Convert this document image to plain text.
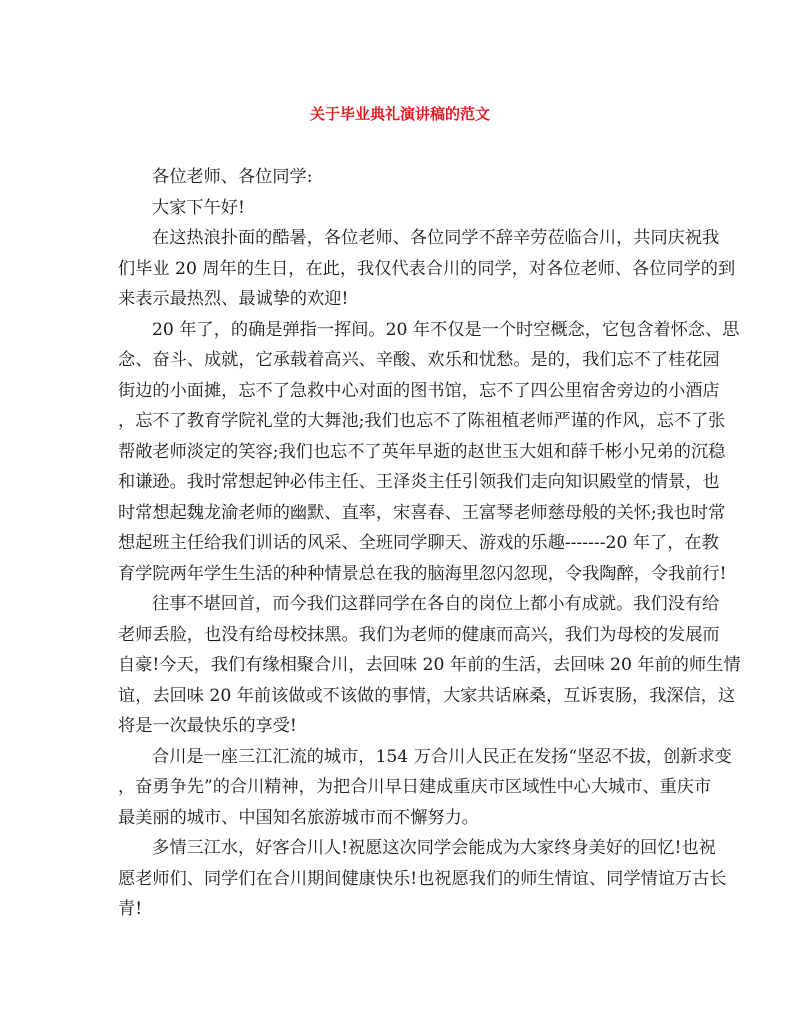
关于毕业典礼演讲稿的范文
各位老师、各位同学:
大家下午好!
在这热浪扑面的酷暑，各位老师、各位同学不辞辛劳莅临合川，共同庆祝我
们毕业 20 周年的生日，在此，我仅代表合川的同学，对各位老师、各位同学的到
来表示最热烈、最诚挚的欢迎!
20 年了，的确是弹指一挥间。20 年不仅是一个时空概念，它包含着怀念、思
念、奋斗、成就，它承载着高兴、辛酸、欢乐和忧愁。是的，我们忘不了桂花园
街边的小面摊，忘不了急救中心对面的图书馆，忘不了四公里宿舍旁边的小酒店
，忘不了教育学院礼堂的大舞池;我们也忘不了陈祖植老师严谨的作风，忘不了张
帮敞老师淡定的笑容;我们也忘不了英年早逝的赵世玉大姐和薛千彬小兄弟的沉稳
和谦逊。我时常想起钟必伟主任、王泽炎主任引领我们走向知识殿堂的情景，也
时常想起魏龙渝老师的幽默、直率，宋喜春、王富琴老师慈母般的关怀;我也时常
想起班主任给我们训话的风采、全班同学聊天、游戏的乐趣-------20 年了，在教
育学院两年学生生活的种种情景总在我的脑海里忽闪忽现，令我陶醉，令我前行!
往事不堪回首，而今我们这群同学在各自的岗位上都小有成就。我们没有给
老师丢脸，也没有给母校抹黑。我们为老师的健康而高兴，我们为母校的发展而
自豪!今天，我们有缘相聚合川，去回味 20 年前的生活，去回味 20 年前的师生情
谊，去回味 20 年前该做或不该做的事情，大家共话麻桑，互诉衷肠，我深信，这
将是一次最快乐的享受!
合川是一座三江汇流的城市，154 万合川人民正在发扬“坚忍不拔，创新求变
，奋勇争先”的合川精神，为把合川早日建成重庆市区域性中心大城市、重庆市
最美丽的城市、中国知名旅游城市而不懈努力。
多情三江水，好客合川人!祝愿这次同学会能成为大家终身美好的回忆!也祝
愿老师们、同学们在合川期间健康快乐!也祝愿我们的师生情谊、同学情谊万古长
青!
